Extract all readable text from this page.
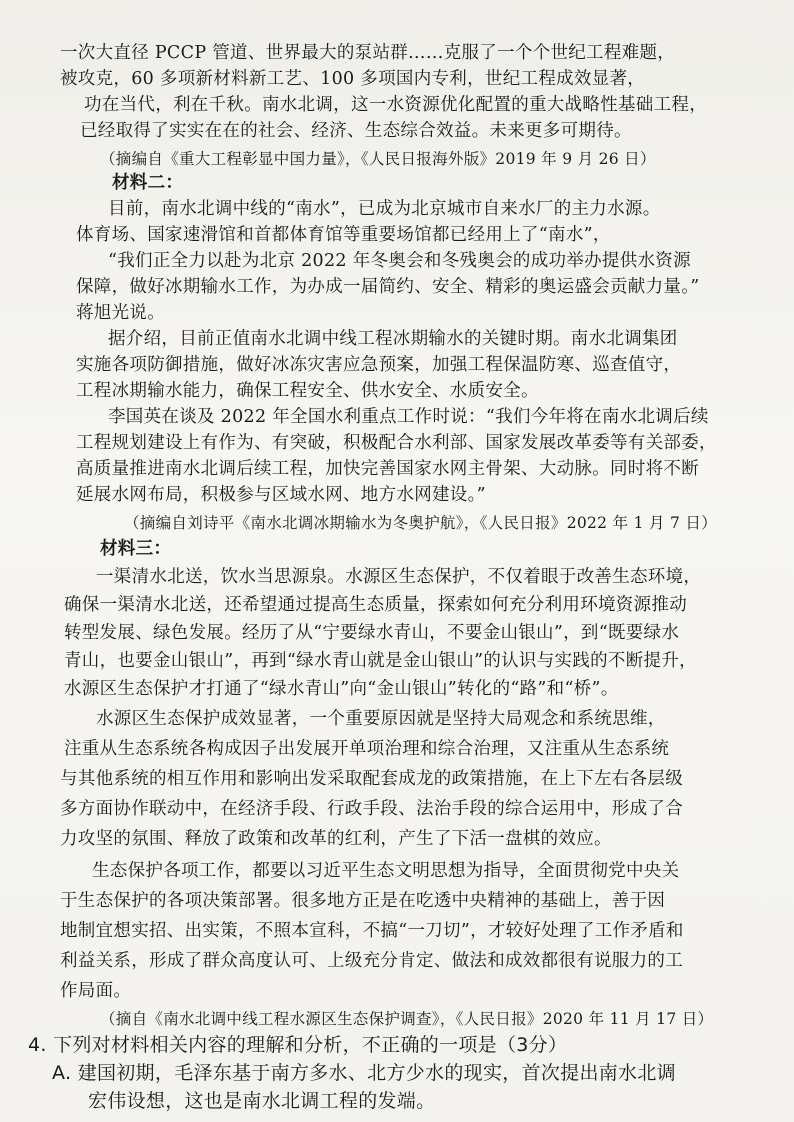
一次大直径 PCCP 管道、世界最大的泵站群……克服了一个个世纪工程难题，
被攻克，60 多项新材料新工艺、100 多项国内专利，世纪工程成效显著，
功在当代，利在千秋。南水北调，这一水资源优化配置的重大战略性基础工程，
已经取得了实实在在的社会、经济、生态综合效益。未来更多可期待。
（摘编自《重大工程彰显中国力量》，《人民日报海外版》2019 年 9 月 26 日）
材料二：
目前，南水北调中线的“南水”，已成为北京城市自来水厂的主力水源。
体育场、国家速滑馆和首都体育馆等重要场馆都已经用上了“南水”，
“我们正全力以赴为北京 2022 年冬奥会和冬残奥会的成功举办提供水资源
保障，做好冰期输水工作，为办成一届简约、安全、精彩的奥运盛会贡献力量。”
蒋旭光说。
据介绍，目前正值南水北调中线工程冰期输水的关键时期。南水北调集团
实施各项防御措施，做好冰冻灾害应急预案，加强工程保温防寒、巡查值守，
工程冰期输水能力，确保工程安全、供水安全、水质安全。
李国英在谈及 2022 年全国水利重点工作时说：“我们今年将在南水北调后续
工程规划建设上有作为、有突破，积极配合水利部、国家发展改革委等有关部委，
高质量推进南水北调后续工程，加快完善国家水网主骨架、大动脉。同时将不断
延展水网布局，积极参与区域水网、地方水网建设。”
（摘编自刘诗平《南水北调冰期输水为冬奥护航》，《人民日报》2022 年 1 月 7 日）
材料三：
一渠清水北送，饮水当思源泉。水源区生态保护，不仅着眼于改善生态环境，
确保一渠清水北送，还希望通过提高生态质量，探索如何充分利用环境资源推动
转型发展、绿色发展。经历了从“宁要绿水青山，不要金山银山”，到“既要绿水
青山，也要金山银山”，再到“绿水青山就是金山银山”的认识与实践的不断提升，
水源区生态保护才打通了“绿水青山”向“金山银山”转化的“路”和“桥”。
水源区生态保护成效显著，一个重要原因就是坚持大局观念和系统思维，
注重从生态系统各构成因子出发展开单项治理和综合治理，又注重从生态系统
与其他系统的相互作用和影响出发采取配套成龙的政策措施，在上下左右各层级
多方面协作联动中，在经济手段、行政手段、法治手段的综合运用中，形成了合
力攻坚的氛围、释放了政策和改革的红利，产生了下活一盘棋的效应。
生态保护各项工作，都要以习近平生态文明思想为指导，全面贯彻党中央关
于生态保护的各项决策部署。很多地方正是在吃透中央精神的基础上，善于因
地制宜想实招、出实策，不照本宣科，不搞“一刀切”，才较好处理了工作矛盾和
利益关系，形成了群众高度认可、上级充分肯定、做法和成效都很有说服力的工
作局面。
（摘自《南水北调中线工程水源区生态保护调查》，《人民日报》2020 年 11 月 17 日）
4. 下列对材料相关内容的理解和分析，不正确的一项是（3分）
A. 建国初期，毛泽东基于南方多水、北方少水的现实，首次提出南水北调
宏伟设想，这也是南水北调工程的发端。
